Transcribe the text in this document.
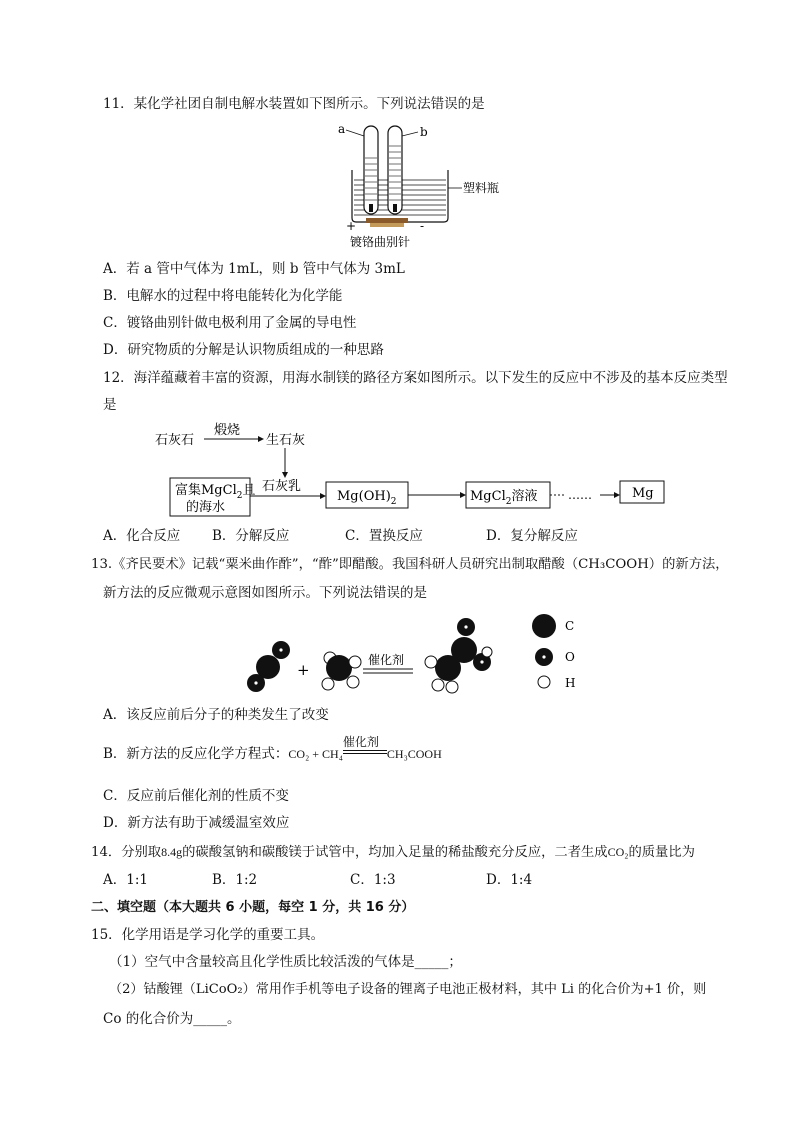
11．某化学社团自制电解水装置如下图所示。下列说法错误的是
a	b
塑料瓶
+	-
镀铬曲别针
A．若 a 管中气体为 1mL，则 b 管中气体为 3mL
B．电解水的过程中将电能转化为化学能
C．镀铬曲别针做电极利用了金属的导电性
D．研究物质的分解是认识物质组成的一种思路
12．海洋蕴藏着丰富的资源，用海水制镁的路径方案如图所示。以下发生的反应中不涉及的基本反应类型
是
石灰石
煅烧
生石灰
石灰乳
富集MgCl$_2$且
的海水
$Mg(OH)_2$	MgCl$_2$溶液	……	Mg
A．化合反应 B．分解反应	C．置换反应	D．复分解反应
13.《齐民要术》记载“粟米曲作酢”，“酢”即醋酸。我国科研人员研究出制取醋酸（CH₃COOH）的新方法，
新方法的反应微观示意图如图所示。下列说法错误的是
+
催化剂
C
O
H
A．该反应前后分子的种类发生了改变
B．新方法的反应化学方程式：CO₂ + CH₄
催化剂
CH₃COOH
C．反应前后催化剂的性质不变
D．新方法有助于减缓温室效应
14．分别取8.4g的碳酸氢钠和碳酸镁于试管中，均加入足量的稀盐酸充分反应，二者生成CO₂的质量比为
A．1:1	B．1:2	C．1:3	D．1:4
二、填空题（本大题共 6 小题，每空 1 分，共 16 分）
15．化学用语是学习化学的重要工具。
（1）空气中含量较高且化学性质比较活泼的气体是_____；
（2）钴酸锂（LiCoO₂）常用作手机等电子设备的锂离子电池正极材料，其中 Li 的化合价为+1 价，则
Co 的化合价为_____。
